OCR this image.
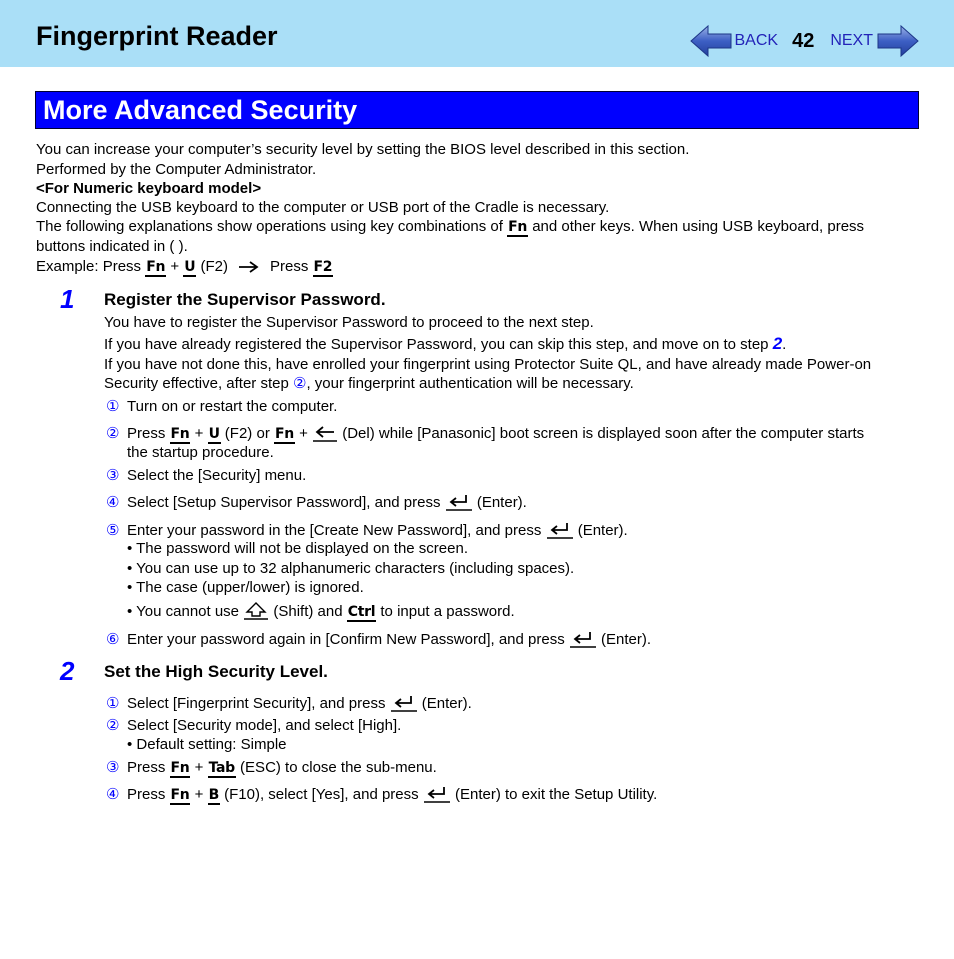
Fingerprint Reader	BACK 42 NEXT
More Advanced Security
You can increase your computer’s security level by setting the BIOS level described in this section.
Performed by the Computer Administrator.
<For Numeric keyboard model>
Connecting the USB keyboard to the computer or USB port of the Cradle is necessary.
The following explanations show operations using key combinations of Fn and other keys. When using USB keyboard, press
buttons indicated in ( ).
Example: Press Fn + U (F2)	Press F2
1 Register the Supervisor Password.
You have to register the Supervisor Password to proceed to the next step.
If you have already registered the Supervisor Password, you can skip this step, and move on to step 2.
If you have not done this, have enrolled your fingerprint using Protector Suite QL, and have already made Power-on
Security effective, after step ②, your fingerprint authentication will be necessary.
① Turn on or restart the computer.
② Press Fn + U (F2) or Fn +  (Del) while [Panasonic] boot screen is displayed soon after the computer starts
the startup procedure.
③ Select the [Security] menu.
④ Select [Setup Supervisor Password], and press  (Enter).
⑤ Enter your password in the [Create New Password], and press  (Enter).
• The password will not be displayed on the screen.
• You can use up to 32 alphanumeric characters (including spaces).
• The case (upper/lower) is ignored.
• You cannot use  (Shift) and Ctrl to input a password.
⑥ Enter your password again in [Confirm New Password], and press  (Enter).
2 Set the High Security Level.
① Select [Fingerprint Security], and press  (Enter).
② Select [Security mode], and select [High].
• Default setting: Simple
③ Press Fn + Tab (ESC) to close the sub-menu.
④ Press Fn + B (F10), select [Yes], and press  (Enter) to exit the Setup Utility.
